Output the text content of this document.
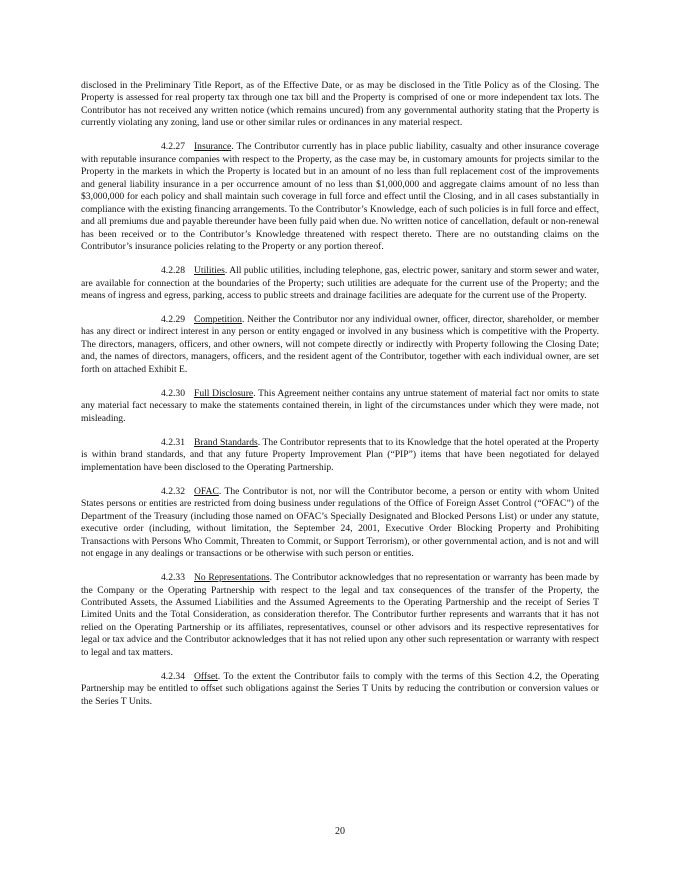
disclosed in the Preliminary Title Report, as of the Effective Date, or as may be disclosed in the Title Policy as of the Closing. The Property is assessed for real property tax through one tax bill and the Property is comprised of one or more independent tax lots. The Contributor has not received any written notice (which remains uncured) from any governmental authority stating that the Property is currently violating any zoning, land use or other similar rules or ordinances in any material respect.

4.2.27 Insurance. The Contributor currently has in place public liability, casualty and other insurance coverage with reputable insurance companies with respect to the Property, as the case may be, in customary amounts for projects similar to the Property in the markets in which the Property is located but in an amount of no less than full replacement cost of the improvements and general liability insurance in a per occurrence amount of no less than $1,000,000 and aggregate claims amount of no less than $3,000,000 for each policy and shall maintain such coverage in full force and effect until the Closing, and in all cases substantially in compliance with the existing financing arrangements. To the Contributor’s Knowledge, each of such policies is in full force and effect, and all premiums due and payable thereunder have been fully paid when due. No written notice of cancellation, default or non-renewal has been received or to the Contributor’s Knowledge threatened with respect thereto. There are no outstanding claims on the Contributor’s insurance policies relating to the Property or any portion thereof.

4.2.28 Utilities. All public utilities, including telephone, gas, electric power, sanitary and storm sewer and water, are available for connection at the boundaries of the Property; such utilities are adequate for the current use of the Property; and the means of ingress and egress, parking, access to public streets and drainage facilities are adequate for the current use of the Property.

4.2.29 Competition. Neither the Contributor nor any individual owner, officer, director, shareholder, or member has any direct or indirect interest in any person or entity engaged or involved in any business which is competitive with the Property. The directors, managers, officers, and other owners, will not compete directly or indirectly with Property following the Closing Date; and, the names of directors, managers, officers, and the resident agent of the Contributor, together with each individual owner, are set forth on attached Exhibit E.

4.2.30 Full Disclosure. This Agreement neither contains any untrue statement of material fact nor omits to state any material fact necessary to make the statements contained therein, in light of the circumstances under which they were made, not misleading.

4.2.31 Brand Standards. The Contributor represents that to its Knowledge that the hotel operated at the Property is within brand standards, and that any future Property Improvement Plan (“PIP”) items that have been negotiated for delayed implementation have been disclosed to the Operating Partnership.

4.2.32 OFAC. The Contributor is not, nor will the Contributor become, a person or entity with whom United States persons or entities are restricted from doing business under regulations of the Office of Foreign Asset Control (“OFAC”) of the Department of the Treasury (including those named on OFAC’s Specially Designated and Blocked Persons List) or under any statute, executive order (including, without limitation, the September 24, 2001, Executive Order Blocking Property and Prohibiting Transactions with Persons Who Commit, Threaten to Commit, or Support Terrorism), or other governmental action, and is not and will not engage in any dealings or transactions or be otherwise with such person or entities.

4.2.33 No Representations. The Contributor acknowledges that no representation or warranty has been made by the Company or the Operating Partnership with respect to the legal and tax consequences of the transfer of the Property, the Contributed Assets, the Assumed Liabilities and the Assumed Agreements to the Operating Partnership and the receipt of Series T Limited Units and the Total Consideration, as consideration therefor. The Contributor further represents and warrants that it has not relied on the Operating Partnership or its affiliates, representatives, counsel or other advisors and its respective representatives for legal or tax advice and the Contributor acknowledges that it has not relied upon any other such representation or warranty with respect to legal and tax matters.

4.2.34 Offset. To the extent the Contributor fails to comply with the terms of this Section 4.2, the Operating Partnership may be entitled to offset such obligations against the Series T Units by reducing the contribution or conversion values or the Series T Units.

20
